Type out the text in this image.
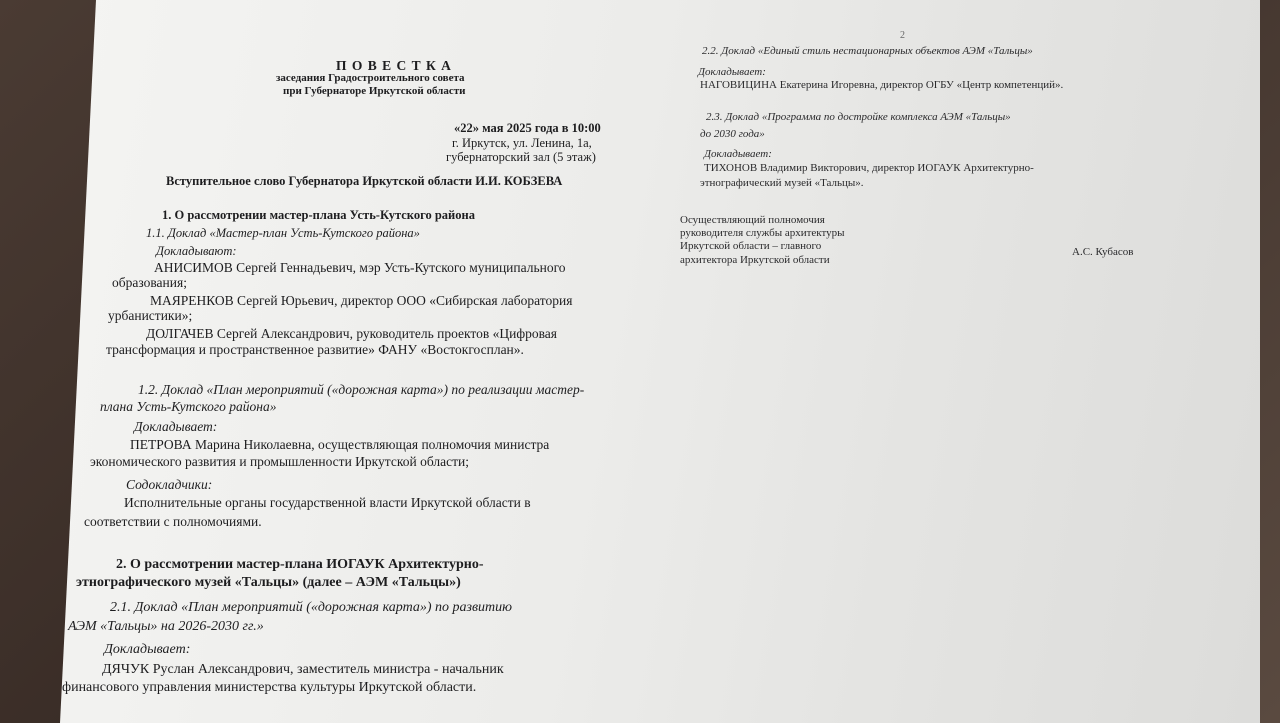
П О В Е С Т К А
заседания Градостроительного совета
при Губернаторе Иркутской области
«22» мая 2025 года в 10:00
г. Иркутск, ул. Ленина, 1а,
губернаторский зал (5 этаж)
Вступительное слово Губернатора Иркутской области И.И. КОБЗЕВА
1. О рассмотрении мастер-плана Усть-Кутского района
1.1. Доклад «Мастер-план Усть-Кутского района»
Докладывают:
АНИСИМОВ Сергей Геннадьевич, мэр Усть-Кутского муниципального
образования;
МАЯРЕНКОВ Сергей Юрьевич, директор ООО «Сибирская лаборатория
урбанистики»;
ДОЛГАЧЕВ Сергей Александрович, руководитель проектов «Цифровая
трансформация и пространственное развитие» ФАНУ «Востокгосплан».
1.2. Доклад «План мероприятий («дорожная карта») по реализации мастер-
плана Усть-Кутского района»
Докладывает:
ПЕТРОВА Марина Николаевна, осуществляющая полномочия министра
экономического развития и промышленности Иркутской области;
Содокладчики:
Исполнительные органы государственной власти Иркутской области в
соответствии с полномочиями.
2. О рассмотрении мастер-плана ИОГАУК Архитектурно-
этнографического музей «Тальцы» (далее – АЭМ «Тальцы»)
2.1. Доклад «План мероприятий («дорожная карта») по развитию
АЭМ «Тальцы» на 2026-2030 гг.»
Докладывает:
ДЯЧУК Руслан Александрович, заместитель министра - начальник
финансового управления министерства культуры Иркутской области.
2
2.2. Доклад «Единый стиль нестационарных объектов АЭМ «Тальцы»
Докладывает:
НАГОВИЦИНА Екатерина Игоревна, директор ОГБУ «Центр компетенций».
2.3. Доклад «Программа по достройке комплекса АЭМ «Тальцы»
до 2030 года»
Докладывает:
ТИХОНОВ Владимир Викторович, директор ИОГАУК Архитектурно-
этнографический музей «Тальцы».
Осуществляющий полномочия
руководителя службы архитектуры
Иркутской области – главного
архитектора Иркутской области
А.С. Кубасов
